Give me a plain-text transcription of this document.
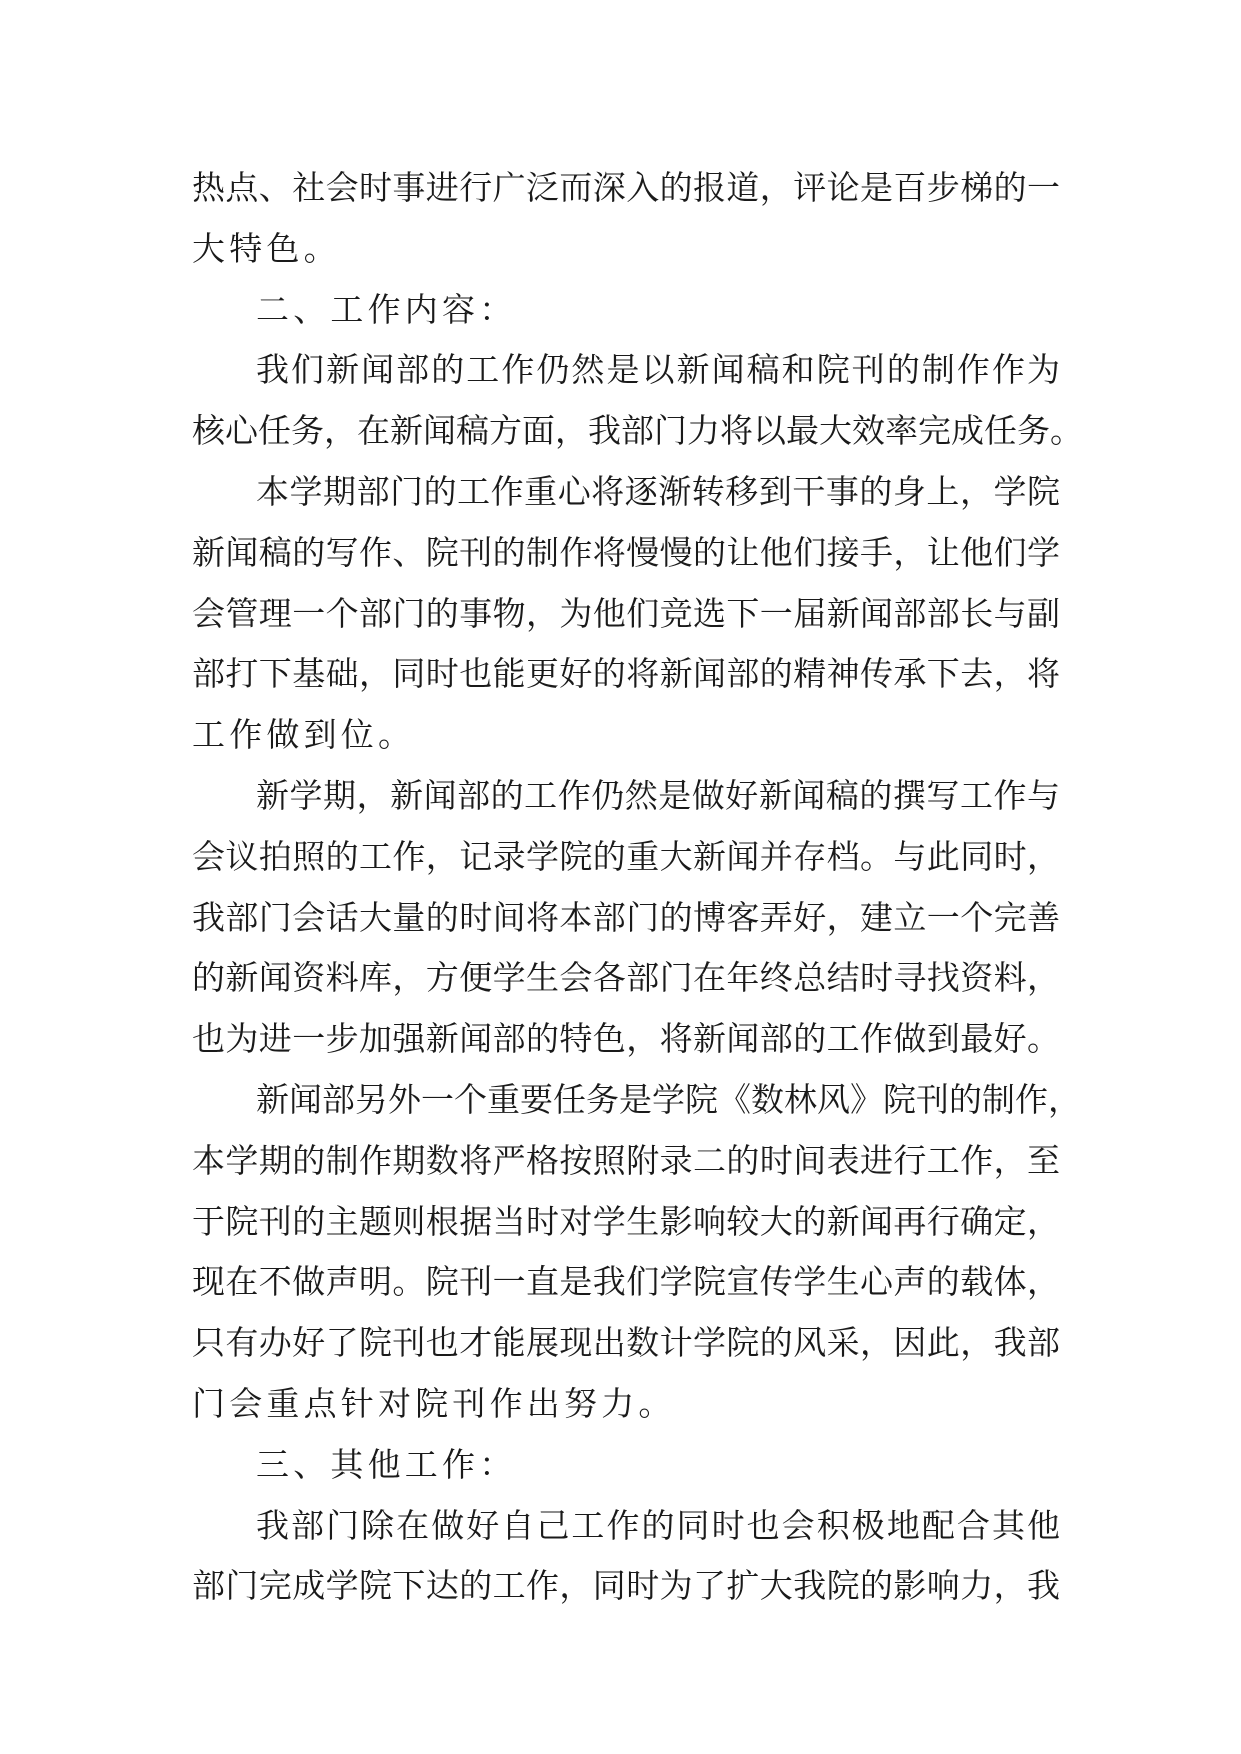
热点、社会时事进行广泛而深入的报道，评论是百步梯的一
大特色。
二、工作内容：
我们新闻部的工作仍然是以新闻稿和院刊的制作作为
核心任务，在新闻稿方面，我部门力将以最大效率完成任务。
本学期部门的工作重心将逐渐转移到干事的身上，学院
新闻稿的写作、院刊的制作将慢慢的让他们接手，让他们学
会管理一个部门的事物，为他们竞选下一届新闻部部长与副
部打下基础，同时也能更好的将新闻部的精神传承下去，将
工作做到位。
新学期，新闻部的工作仍然是做好新闻稿的撰写工作与
会议拍照的工作，记录学院的重大新闻并存档。与此同时，
我部门会话大量的时间将本部门的博客弄好，建立一个完善
的新闻资料库，方便学生会各部门在年终总结时寻找资料，
也为进一步加强新闻部的特色，将新闻部的工作做到最好。
新闻部另外一个重要任务是学院《数林风》院刊的制作，
本学期的制作期数将严格按照附录二的时间表进行工作，至
于院刊的主题则根据当时对学生影响较大的新闻再行确定，
现在不做声明。院刊一直是我们学院宣传学生心声的载体，
只有办好了院刊也才能展现出数计学院的风采，因此，我部
门会重点针对院刊作出努力。
三、其他工作：
我部门除在做好自己工作的同时也会积极地配合其他
部门完成学院下达的工作，同时为了扩大我院的影响力，我
